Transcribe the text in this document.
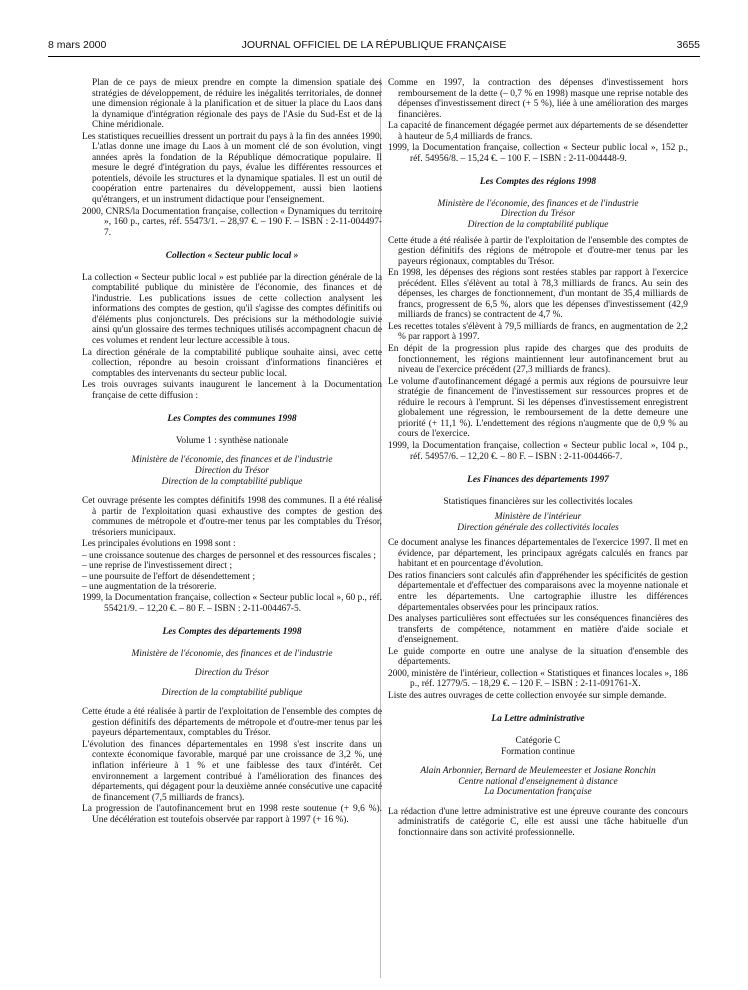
8 mars 2000	JOURNAL OFFICIEL DE LA RÉPUBLIQUE FRANÇAISE	3655

Plan de ce pays de mieux prendre en compte la dimension spatiale des stratégies de développement, de réduire les inégalités territoriales, de donner une dimension régionale à la planification et de situer la place du Laos dans la dynamique d'intégration régionale des pays de l'Asie du Sud-Est et de la Chine méridionale.

Les statistiques recueillies dressent un portrait du pays à la fin des années 1990. L'atlas donne une image du Laos à un moment clé de son évolution, vingt années après la fondation de la République démocratique populaire. Il mesure le degré d'intégration du pays, évalue les différentes ressources et potentiels, dévoile les structures et la dynamique spatiales. Il est un outil de coopération entre partenaires du développement, aussi bien laotiens qu'étrangers, et un instrument didactique pour l'enseignement.

2000, CNRS/la Documentation française, collection « Dynamiques du territoire », 160 p., cartes, réf. 55473/1. – 28,97 €. – 190 F. – ISBN : 2-11-004497-7.

Collection « Secteur public local »

La collection « Secteur public local » est publiée par la direction générale de la comptabilité publique du ministère de l'économie, des finances et de l'industrie. Les publications issues de cette collection analysent les informations des comptes de gestion, qu'il s'agisse des comptes définitifs ou d'éléments plus conjoncturels. Des précisions sur la méthodologie suivie ainsi qu'un glossaire des termes techniques utilisés accompagnent chacun de ces volumes et rendent leur lecture accessible à tous.

La direction générale de la comptabilité publique souhaite ainsi, avec cette collection, répondre au besoin croissant d'informations financières et comptables des intervenants du secteur public local.

Les trois ouvrages suivants inaugurent le lancement à la Documentation française de cette diffusion :

Les Comptes des communes 1998

Volume 1 : synthèse nationale

Ministère de l'économie, des finances et de l'industrie

Direction du Trésor

Direction de la comptabilité publique

Cet ouvrage présente les comptes définitifs 1998 des communes. Il a été réalisé à partir de l'exploitation quasi exhaustive des comptes de gestion des communes de métropole et d'outre-mer tenus par les comptables du Trésor, trésoriers municipaux.

Les principales évolutions en 1998 sont :

– une croissance soutenue des charges de personnel et des ressources fiscales ;

– une reprise de l'investissement direct ;

– une poursuite de l'effort de désendettement ;

– une augmentation de la trésorerie.

1999, la Documentation française, collection « Secteur public local », 60 p., réf. 55421/9. – 12,20 €. – 80 F. – ISBN : 2-11-004467-5.

Les Comptes des départements 1998

Ministère de l'économie, des finances et de l'industrie

Direction du Trésor

Direction de la comptabilité publique

Cette étude a été réalisée à partir de l'exploitation de l'ensemble des comptes de gestion définitifs des départements de métropole et d'outre-mer tenus par les payeurs départementaux, comptables du Trésor.

L'évolution des finances départementales en 1998 s'est inscrite dans un contexte économique favorable, marqué par une croissance de 3,2 %, une inflation inférieure à 1 % et une faiblesse des taux d'intérêt. Cet environnement a largement contribué à l'amélioration des finances des départements, qui dégagent pour la deuxième année consécutive une capacité de financement (7,5 milliards de francs).

La progression de l'autofinancement brut en 1998 reste soutenue (+ 9,6 %). Une décélération est toutefois observée par rapport à 1997 (+ 16 %).

Comme en 1997, la contraction des dépenses d'investissement hors remboursement de la dette (– 0,7 % en 1998) masque une reprise notable des dépenses d'investissement direct (+ 5 %), liée à une amélioration des marges financières.

La capacité de financement dégagée permet aux départements de se désendetter à hauteur de 5,4 milliards de francs.

1999, la Documentation française, collection « Secteur public local », 152 p., réf. 54956/8. – 15,24 €. – 100 F. – ISBN : 2-11-004448-9.

Les Comptes des régions 1998

Ministère de l'économie, des finances et de l'industrie

Direction du Trésor

Direction de la comptabilité publique

Cette étude a été réalisée à partir de l'exploitation de l'ensemble des comptes de gestion définitifs des régions de métropole et d'outre-mer tenus par les payeurs régionaux, comptables du Trésor.

En 1998, les dépenses des régions sont restées stables par rapport à l'exercice précédent. Elles s'élèvent au total à 78,3 milliards de francs. Au sein des dépenses, les charges de fonctionnement, d'un montant de 35,4 milliards de francs, progressent de 6,5 %, alors que les dépenses d'investissement (42,9 milliards de francs) se contractent de 4,7 %.

Les recettes totales s'élèvent à 79,5 milliards de francs, en augmentation de 2,2 % par rapport à 1997.

En dépit de la progression plus rapide des charges que des produits de fonctionnement, les régions maintiennent leur autofinancement brut au niveau de l'exercice précédent (27,3 milliards de francs).

Le volume d'autofinancement dégagé a permis aux régions de poursuivre leur stratégie de financement de l'investissement sur ressources propres et de réduire le recours à l'emprunt. Si les dépenses d'investissement enregistrent globalement une régression, le remboursement de la dette demeure une priorité (+ 11,1 %). L'endettement des régions n'augmente que de 0,9 % au cours de l'exercice.

1999, la Documentation française, collection « Secteur public local », 104 p., réf. 54957/6. – 12,20 €. – 80 F. – ISBN : 2-11-004466-7.

Les Finances des départements 1997

Statistiques financières sur les collectivités locales

Ministère de l'intérieur

Direction générale des collectivités locales

Ce document analyse les finances départementales de l'exercice 1997. Il met en évidence, par département, les principaux agrégats calculés en francs par habitant et en pourcentage d'évolution.

Des ratios financiers sont calculés afin d'appréhender les spécificités de gestion départementale et d'effectuer des comparaisons avec la moyenne nationale et entre les départements. Une cartographie illustre les différences départementales observées pour les principaux ratios.

Des analyses particulières sont effectuées sur les conséquences financières des transferts de compétence, notamment en matière d'aide sociale et d'enseignement.

Le guide comporte en outre une analyse de la situation d'ensemble des départements.

2000, ministère de l'intérieur, collection « Statistiques et finances locales », 186 p., réf. 12779/5. – 18,29 €. – 120 F. – ISBN : 2-11-091761-X.

Liste des autres ouvrages de cette collection envoyée sur simple demande.

La Lettre administrative

Catégorie C

Formation continue

Alain Arbonnier, Bernard de Meulemeester et Josiane Ronchin

Centre national d'enseignement à distance

La Documentation française

La rédaction d'une lettre administrative est une épreuve courante des concours administratifs de catégorie C, elle est aussi une tâche habituelle d'un fonctionnaire dans son activité professionnelle.
